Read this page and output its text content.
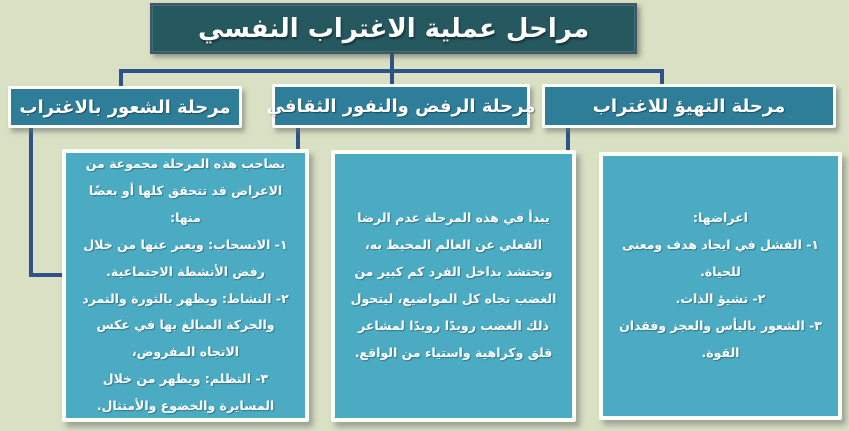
مراحل عملية الاغتراب النفسي
مرحلة الشعور بالاغتراب مرحلة الرفض والنفور الثقافي	مرحلة التهيؤ للاغتراب
يصاحب هذه المرحلة مجموعة من الاعراض قد تتحقق كلها أو بعضًا منها:
١- الانسحاب: ويعبر عنها من خلال رفض الأنشطة الاجتماعية.
٢- النشاط: ويظهر بالثورة والتمرد والحركة المبالغ بها في عكس الاتجاه المفروض،
٣- التظلم: ويظهر من خلال المسايرة والخضوع والأمتثال.
يبدأ في هذه المرحلة عدم الرضا الفعلي عن العالم المحيط به، وتحتشد بداخل الفرد كم كبير من الغضب تجاه كل المواضيع، ليتحول ذلك الغضب رويدًا رويدًا لمشاعر قلق وكراهية واستياء من الواقع.
اعراضها:
١- الفشل في ايجاد هدف ومعنى للحياة.
٢- تشيؤ الذات.
٣- الشعور باليأس والعجز وفقدان القوة.
